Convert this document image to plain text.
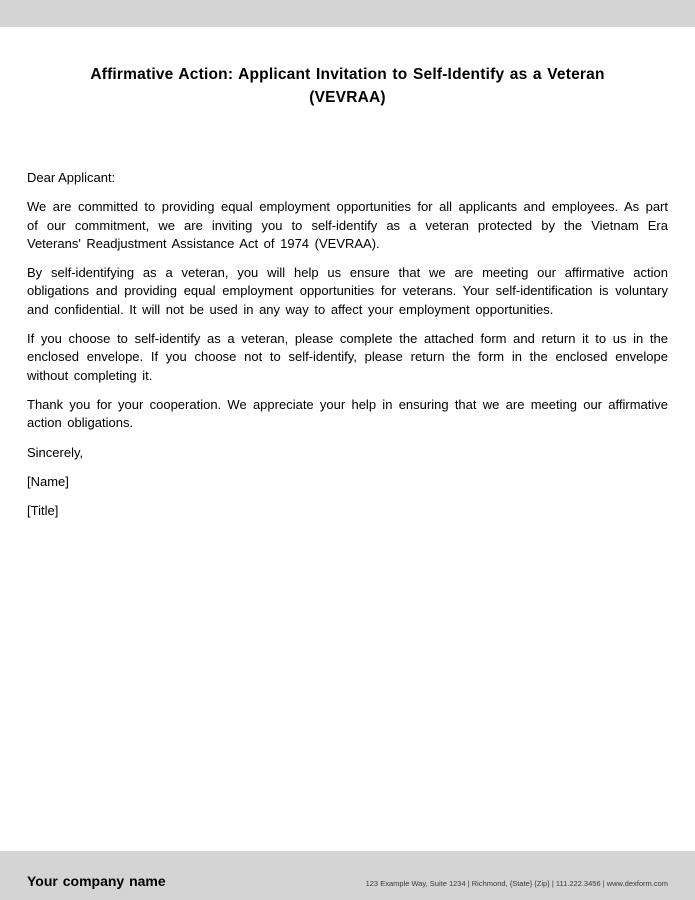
Affirmative Action: Applicant Invitation to Self-Identify as a Veteran
(VEVRAA)

Dear Applicant:

We are committed to providing equal employment opportunities for all applicants and employees. As part of our commitment, we are inviting you to self-identify as a veteran protected by the Vietnam Era Veterans' Readjustment Assistance Act of 1974 (VEVRAA).

By self-identifying as a veteran, you will help us ensure that we are meeting our affirmative action obligations and providing equal employment opportunities for veterans. Your self-identification is voluntary and confidential. It will not be used in any way to affect your employment opportunities.

If you choose to self-identify as a veteran, please complete the attached form and return it to us in the enclosed envelope. If you choose not to self-identify, please return the form in the enclosed envelope without completing it.

Thank you for your cooperation. We appreciate your help in ensuring that we are meeting our affirmative action obligations.

Sincerely,

[Name]

[Title]

Your company name	123 Example Way, Suite 1234 | Richmond, {State} {Zip} | 111.222.3456 | www.dexform.com
